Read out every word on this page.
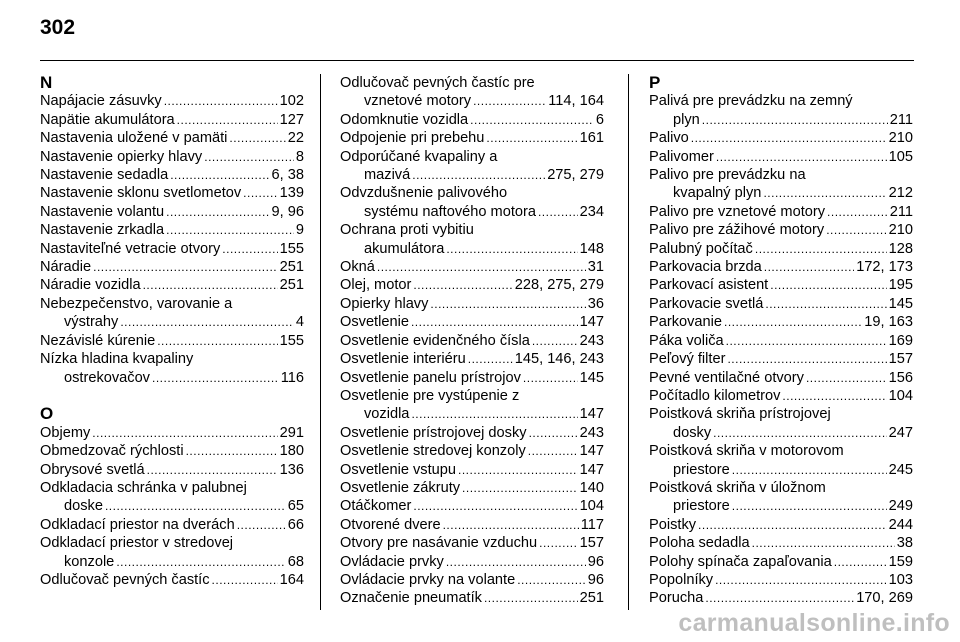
302
N
Napájacie zásuvky .....	102
Napätie akumulátora .....	127
Nastavenia uložené v pamäti .....	22
Nastavenie opierky hlavy .....	8
Nastavenie sedadla .....	6, 38
Nastavenie sklonu svetlometov .....	139
Nastavenie volantu .....	9, 96
Nastavenie zrkadla .....	9
Nastaviteľné vetracie otvory .....	155
Náradie .....	251
Náradie vozidla .....	251
Nebezpečenstvo, varovanie a
výstrahy .....	4
Nezávislé kúrenie .....	155
Nízka hladina kvapaliny
ostrekovačov .....	116
O
Objemy .....	291
Obmedzovač rýchlosti .....	180
Obrysové svetlá .....	136
Odkladacia schránka v palubnej
doske .....	65
Odkladací priestor na dverách .....	66
Odkladací priestor v stredovej
konzole .....	68
Odlučovač pevných častíc .....	164
Odlučovač pevných častíc pre
vznetové motory .....	114, 164
Odomknutie vozidla .....	6
Odpojenie pri prebehu .....	161
Odporúčané kvapaliny a
mazivá .....	275, 279
Odvzdušnenie palivového
systému naftového motora .....	234
Ochrana proti vybitiu
akumulátora .....	148
Okná .....	31
Olej, motor .....	228, 275, 279
Opierky hlavy .....	36
Osvetlenie .....	147
Osvetlenie evidenčného čísla .....	243
Osvetlenie interiéru .....	145, 146, 243
Osvetlenie panelu prístrojov .....	145
Osvetlenie pre vystúpenie z
vozidla .....	147
Osvetlenie prístrojovej dosky .....	243
Osvetlenie stredovej konzoly .....	147
Osvetlenie vstupu .....	147
Osvetlenie zákruty .....	140
Otáčkomer .....	104
Otvorené dvere .....	117
Otvory pre nasávanie vzduchu .....	157
Ovládacie prvky .....	96
Ovládacie prvky na volante .....	96
Označenie pneumatík .....	251
P
Palivá pre prevádzku na zemný
plyn .....	211
Palivo .....	210
Palivomer .....	105
Palivo pre prevádzku na
kvapalný plyn .....	212
Palivo pre vznetové motory .....	211
Palivo pre zážihové motory .....	210
Palubný počítač .....	128
Parkovacia brzda .....	172, 173
Parkovací asistent .....	195
Parkovacie svetlá .....	145
Parkovanie .....	19, 163
Páka voliča .....	169
Peľový filter .....	157
Pevné ventilačné otvory .....	156
Počítadlo kilometrov .....	104
Poistková skriňa prístrojovej
dosky .....	247
Poistková skriňa v motorovom
priestore .....	245
Poistková skriňa v úložnom
priestore .....	249
Poistky .....	244
Poloha sedadla .....	38
Polohy spínača zapaľovania .....	159
Popolníky .....	103
Porucha .....	170, 269
carmanualsonline.info
